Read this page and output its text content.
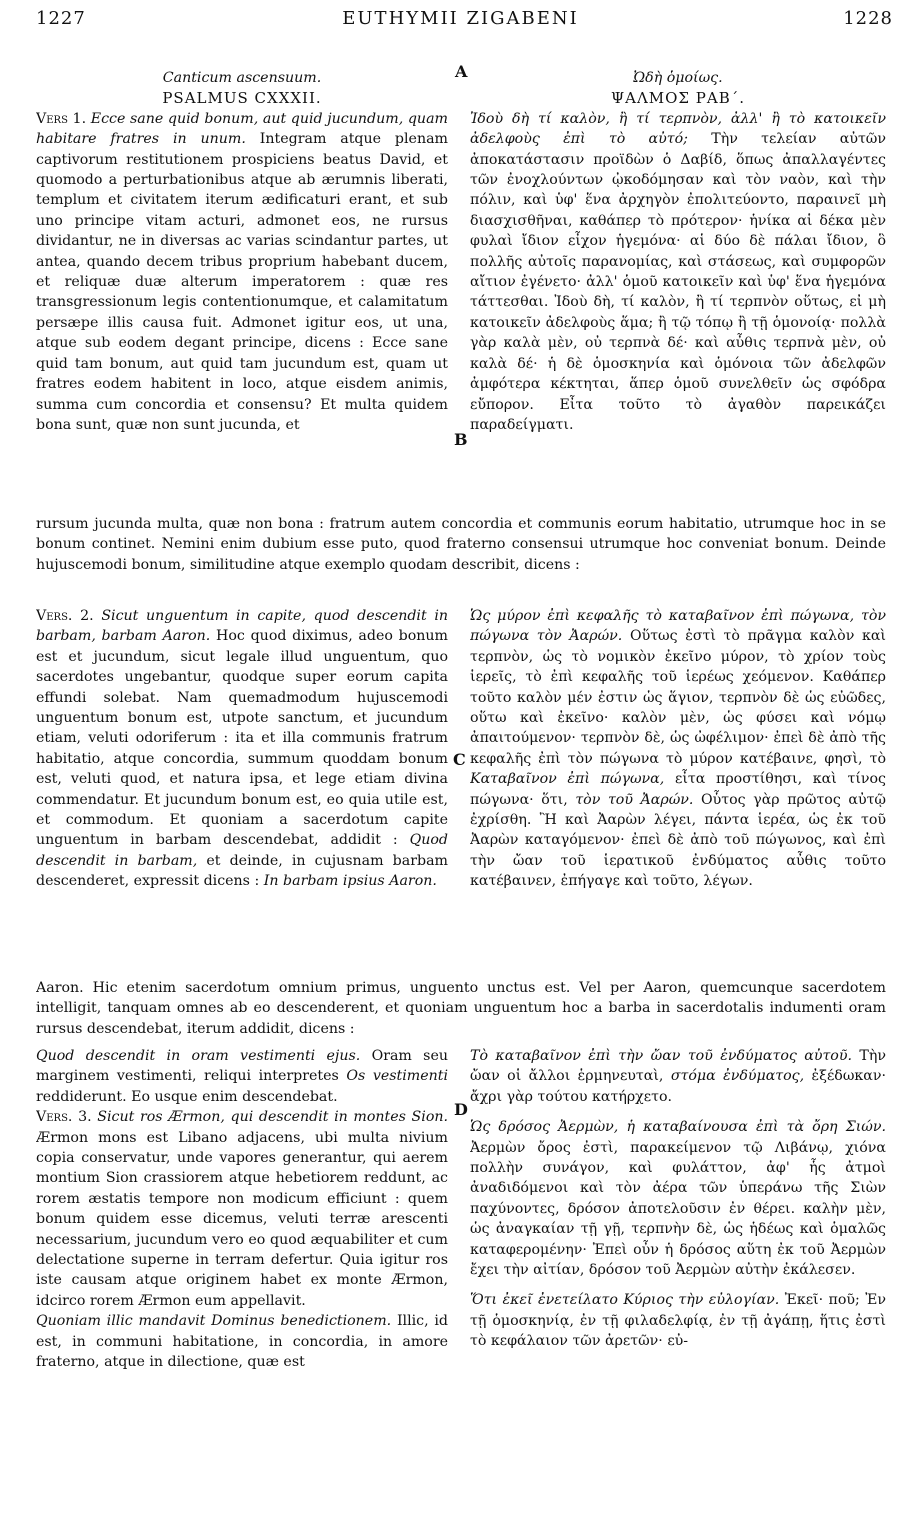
1227	EUTHYMII ZIGABENI	1228
A
B
C
D

Canticum ascensuum.

PSALMUS CXXXII.

Vers 1. Ecce sane quid bonum, aut quid jucundum, quam habitare fratres in unum. Integram atque plenam captivorum restitutionem prospiciens beatus David, et quomodo a perturbationibus atque ab ærumnis liberati, templum et civitatem iterum ædificaturi erant, et sub uno principe vitam acturi, admonet eos, ne rursus dividantur, ne in diversas ac varias scindantur partes, ut antea, quando decem tribus proprium habebant ducem, et reliquæ duæ alterum imperatorem : quæ res transgressionum legis contentionumque, et calamitatum persæpe illis causa fuit. Admonet igitur eos, ut una, atque sub eodem degant principe, dicens : Ecce sane quid tam bonum, aut quid tam jucundum est, quam ut fratres eodem habitent in loco, atque eisdem animis, summa cum concordia et consensu? Et multa quidem bona sunt, quæ non sunt jucunda, et

Ὠδὴ ὁμοίως.

ΨΑΛΜΟΣ ΡΑΒ΄.

Ἰδοὺ δὴ τί καλὸν, ἢ τί τερπνὸν, ἀλλ' ἢ τὸ κατοικεῖν ἀδελφοὺς ἐπὶ τὸ αὐτό; Τὴν τελείαν αὐτῶν ἀποκατάστασιν προϊδὼν ὁ Δαβίδ, ὅπως ἀπαλλαγέντες τῶν ἐνοχλούντων ᾠκοδόμησαν καὶ τὸν ναὸν, καὶ τὴν πόλιν, καὶ ὑφ' ἕνα ἀρχηγὸν ἐπολιτεύοντο, παραινεῖ μὴ διασχισθῆναι, καθάπερ τὸ πρότερον· ἡνίκα αἱ δέκα μὲν φυλαὶ ἴδιον εἶχον ἡγεμόνα· αἱ δύο δὲ πάλαι ἴδιον, ὃ πολλῆς αὐτοῖς παρανομίας, καὶ στάσεως, καὶ συμφορῶν αἴτιον ἐγένετο· ἀλλ' ὁμοῦ κατοικεῖν καὶ ὑφ' ἕνα ἡγεμόνα τάττεσθαι. Ἰδοὺ δὴ, τί καλὸν, ἢ τί τερπνὸν οὕτως, εἰ μὴ κατοικεῖν ἀδελφοὺς ἅμα; ἢ τῷ τόπῳ ἢ τῇ ὁμονοίᾳ· πολλὰ γὰρ καλὰ μὲν, οὐ τερπνὰ δέ· καὶ αὖθις τερπνὰ μὲν, οὐ καλὰ δέ· ἡ δὲ ὁμοσκηνία καὶ ὁμόνοια τῶν ἀδελφῶν ἀμφότερα κέκτηται, ἅπερ ὁμοῦ συνελθεῖν ὡς σφόδρα εὔπορον. Εἶτα τοῦτο τὸ ἀγαθὸν παρεικάζει παραδείγματι.

rursum jucunda multa, quæ non bona : fratrum autem concordia et communis eorum habitatio, utrumque hoc in se bonum continet. Nemini enim dubium esse puto, quod fraterno consensui utrumque hoc conveniat bonum. Deinde hujuscemodi bonum, similitudine atque exemplo quodam describit, dicens :

Vers. 2. Sicut unguentum in capite, quod descendit in barbam, barbam Aaron. Hoc quod diximus, adeo bonum est et jucundum, sicut legale illud unguentum, quo sacerdotes ungebantur, quodque super eorum capita effundi solebat. Nam quemadmodum hujuscemodi unguentum bonum est, utpote sanctum, et jucundum etiam, veluti odoriferum : ita et illa communis fratrum habitatio, atque concordia, summum quoddam bonum est, veluti quod, et natura ipsa, et lege etiam divina commendatur. Et jucundum bonum est, eo quia utile est, et commodum. Et quoniam a sacerdotum capite unguentum in barbam descendebat, addidit : Quod descendit in barbam, et deinde, in cujusnam barbam descenderet, expressit dicens : In barbam ipsius Aaron.

Ὡς μύρον ἐπὶ κεφαλῆς τὸ καταβαῖνον ἐπὶ πώγωνα, τὸν πώγωνα τὸν Ἀαρών. Οὕτως ἐστὶ τὸ πρᾶγμα καλὸν καὶ τερπνὸν, ὡς τὸ νομικὸν ἐκεῖνο μύρον, τὸ χρίον τοὺς ἱερεῖς, τὸ ἐπὶ κεφαλῆς τοῦ ἱερέως χεόμενον. Καθάπερ τοῦτο καλὸν μέν ἐστιν ὡς ἅγιον, τερπνὸν δὲ ὡς εὐῶδες, οὕτω καὶ ἐκεῖνο· καλὸν μὲν, ὡς φύσει καὶ νόμῳ ἀπαιτούμενον· τερπνὸν δὲ, ὡς ὠφέλιμον· ἐπεὶ δὲ ἀπὸ τῆς κεφαλῆς ἐπὶ τὸν πώγωνα τὸ μύρον κατέβαινε, φησὶ, τὸ Καταβαῖνον ἐπὶ πώγωνα, εἶτα προστίθησι, καὶ τίνος πώγωνα· ὅτι, τὸν τοῦ Ἀαρών. Οὗτος γὰρ πρῶτος αὐτῷ ἐχρίσθη. Ἢ καὶ Ἀαρὼν λέγει, πάντα ἱερέα, ὡς ἐκ τοῦ Ἀαρὼν καταγόμενον· ἐπεὶ δὲ ἀπὸ τοῦ πώγωνος, καὶ ἐπὶ τὴν ὤαν τοῦ ἱερατικοῦ ἐνδύματος αὖθις τοῦτο κατέβαινεν, ἐπήγαγε καὶ τοῦτο, λέγων.

Aaron. Hic etenim sacerdotum omnium primus, unguento unctus est. Vel per Aaron, quemcunque sacerdotem intelligit, tanquam omnes ab eo descenderent, et quoniam unguentum hoc a barba in sacerdotalis indumenti oram rursus descendebat, iterum addidit, dicens :

Quod descendit in oram vestimenti ejus. Oram seu marginem vestimenti, reliqui interpretes Os vestimenti reddiderunt. Eo usque enim descendebat.

Vers. 3. Sicut ros Ærmon, qui descendit in montes Sion. Ærmon mons est Libano adjacens, ubi multa nivium copia conservatur, unde vapores generantur, qui aerem montium Sion crassiorem atque hebetiorem reddunt, ac rorem æstatis tempore non modicum efficiunt : quem bonum quidem esse dicemus, veluti terræ arescenti necessarium, jucundum vero eo quod æquabiliter et cum delectatione superne in terram defertur. Quia igitur ros iste causam atque originem habet ex monte Ærmon, idcirco rorem Ærmon eum appellavit.

Quoniam illic mandavit Dominus benedictionem. Illic, id est, in communi habitatione, in concordia, in amore fraterno, atque in dilectione, quæ est

Τὸ καταβαῖνον ἐπὶ τὴν ὤαν τοῦ ἐνδύματος αὐτοῦ. Τὴν ὤαν οἱ ἄλλοι ἑρμηνευταὶ, στόμα ἐνδύματος, ἐξέδωκαν· ἄχρι γὰρ τούτου κατήρχετο.

Ὡς δρόσος Ἀερμὼν, ἡ καταβαίνουσα ἐπὶ τὰ ὄρη Σιών. Ἀερμὼν ὄρος ἐστὶ, παρακείμενον τῷ Λιβάνῳ, χιόνα πολλὴν συνάγον, καὶ φυλάττον, ἀφ' ἧς ἀτμοὶ ἀναδιδόμενοι καὶ τὸν ἀέρα τῶν ὑπεράνω τῆς Σιὼν παχύνοντες, δρόσον ἀποτελοῦσιν ἐν θέρει. καλὴν μὲν, ὡς ἀναγκαίαν τῇ γῇ, τερπνὴν δὲ, ὡς ἡδέως καὶ ὁμαλῶς καταφερομένην· Ἐπεὶ οὖν ἡ δρόσος αὕτη ἐκ τοῦ Ἀερμὼν ἔχει τὴν αἰτίαν, δρόσον τοῦ Ἀερμὼν αὐτὴν ἐκάλεσεν.

Ὅτι ἐκεῖ ἐνετείλατο Κύριος τὴν εὐλογίαν. Ἐκεῖ· ποῦ; Ἐν τῇ ὁμοσκηνίᾳ, ἐν τῇ φιλαδελφίᾳ, ἐν τῇ ἀγάπῃ, ἥτις ἐστὶ τὸ κεφάλαιον τῶν ἀρετῶν· εὐ-
